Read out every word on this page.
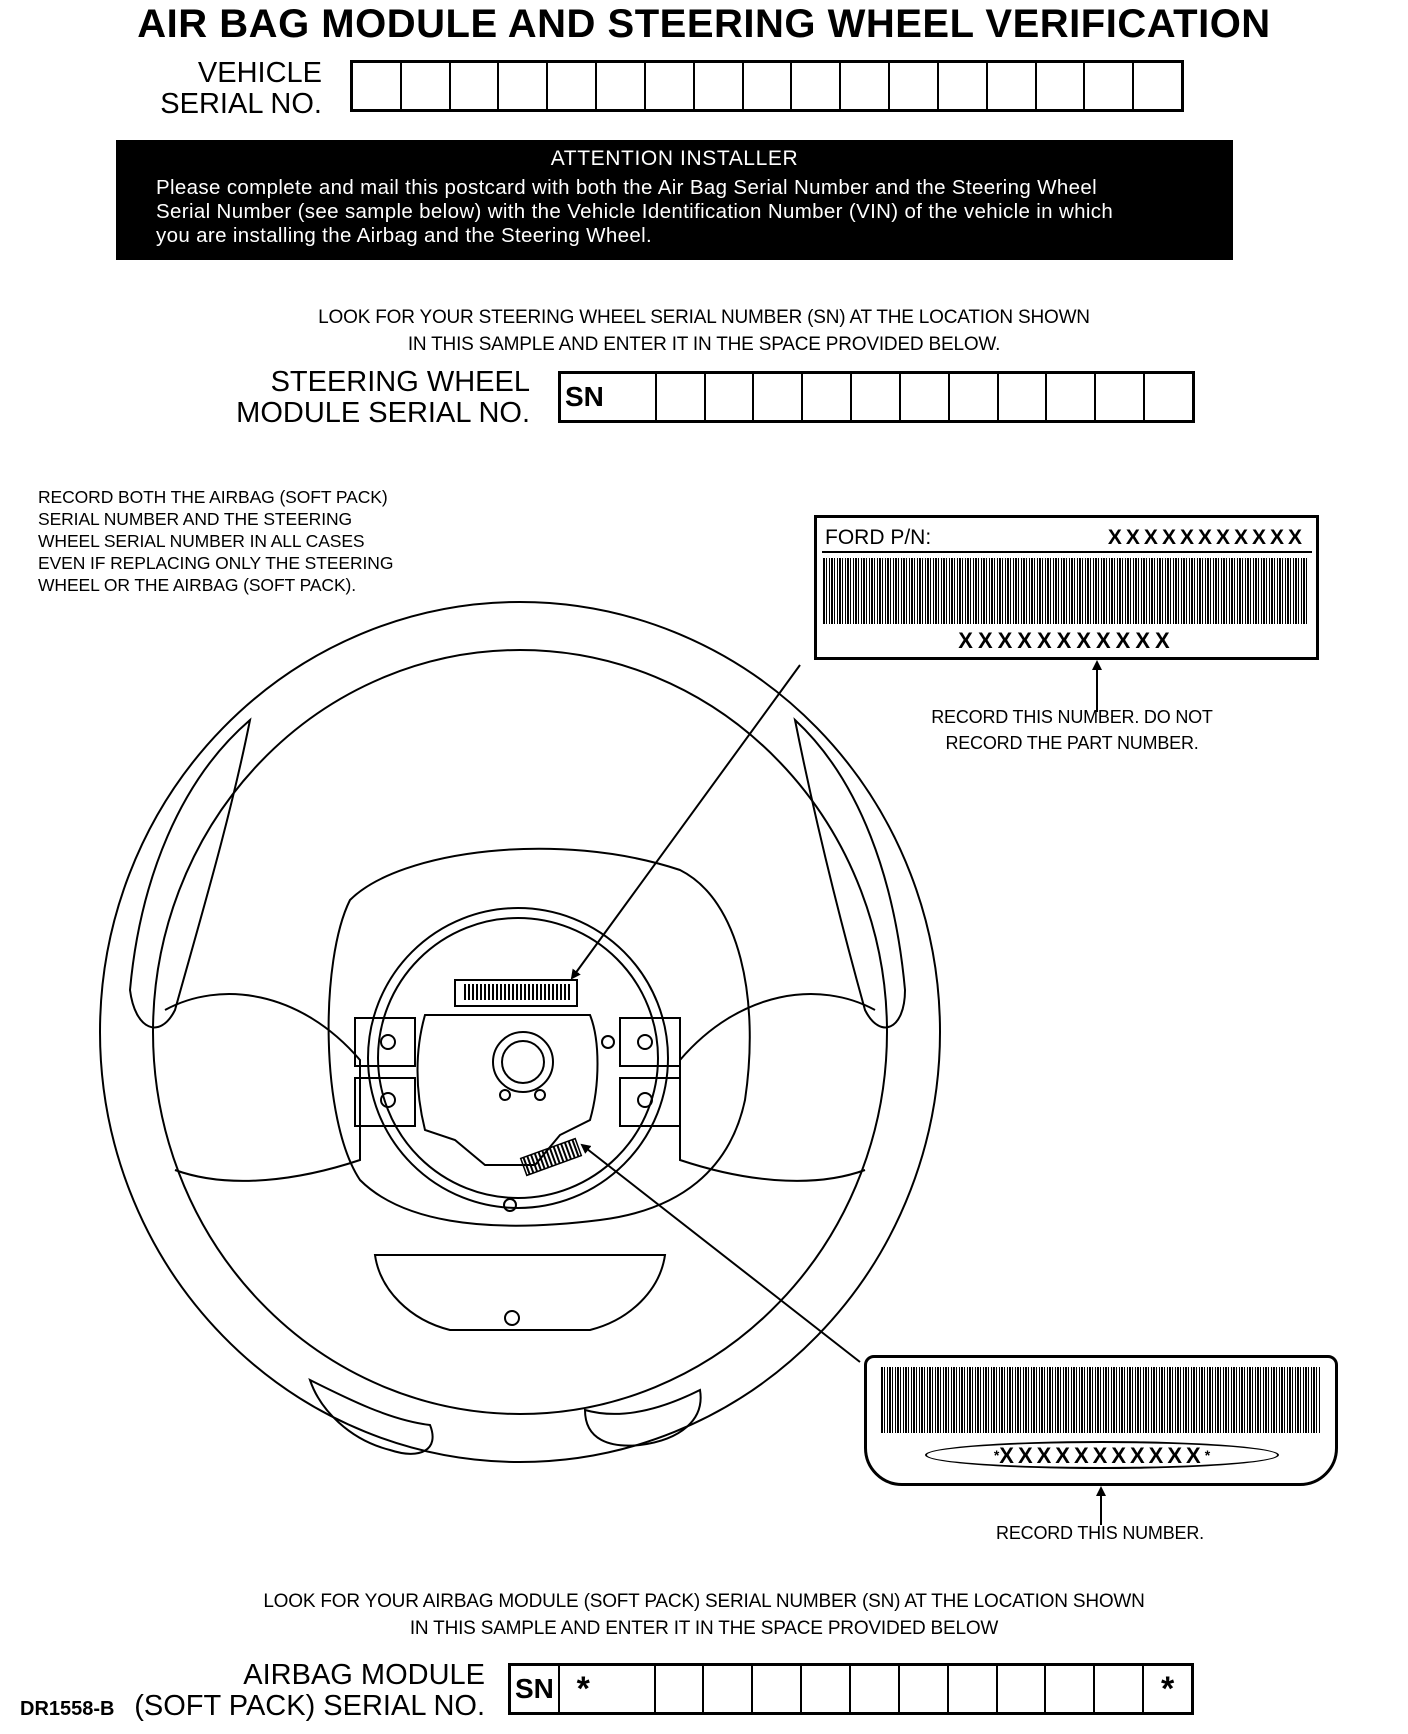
AIR BAG MODULE AND STEERING WHEEL VERIFICATION
VEHICLE
SERIAL NO.
ATTENTION INSTALLER
Please complete and mail this postcard with both the Air Bag Serial Number and the Steering Wheel
Serial Number (see sample below) with the Vehicle Identification Number (VIN) of the vehicle in which
you are installing the Airbag and the Steering Wheel.
LOOK FOR YOUR STEERING WHEEL SERIAL NUMBER (SN) AT THE LOCATION SHOWN
IN THIS SAMPLE AND ENTER IT IN THE SPACE PROVIDED BELOW.
STEERING WHEEL
MODULE SERIAL NO.
SN
RECORD BOTH THE AIRBAG (SOFT PACK)
SERIAL NUMBER AND THE STEERING
WHEEL SERIAL NUMBER IN ALL CASES
EVEN IF REPLACING ONLY THE STEERING
WHEEL OR THE AIRBAG (SOFT PACK).
FORD P/N:	XXXXXXXXXXX
XXXXXXXXXXX
RECORD THIS NUMBER. DO NOT
RECORD THE PART NUMBER.
*XXXXXXXXXXX*
RECORD THIS NUMBER.
LOOK FOR YOUR AIRBAG MODULE (SOFT PACK) SERIAL NUMBER (SN) AT THE LOCATION SHOWN
IN THIS SAMPLE AND ENTER IT IN THE SPACE PROVIDED BELOW
DR1558-B
AIRBAG MODULE
(SOFT PACK) SERIAL NO.
SN *	*
